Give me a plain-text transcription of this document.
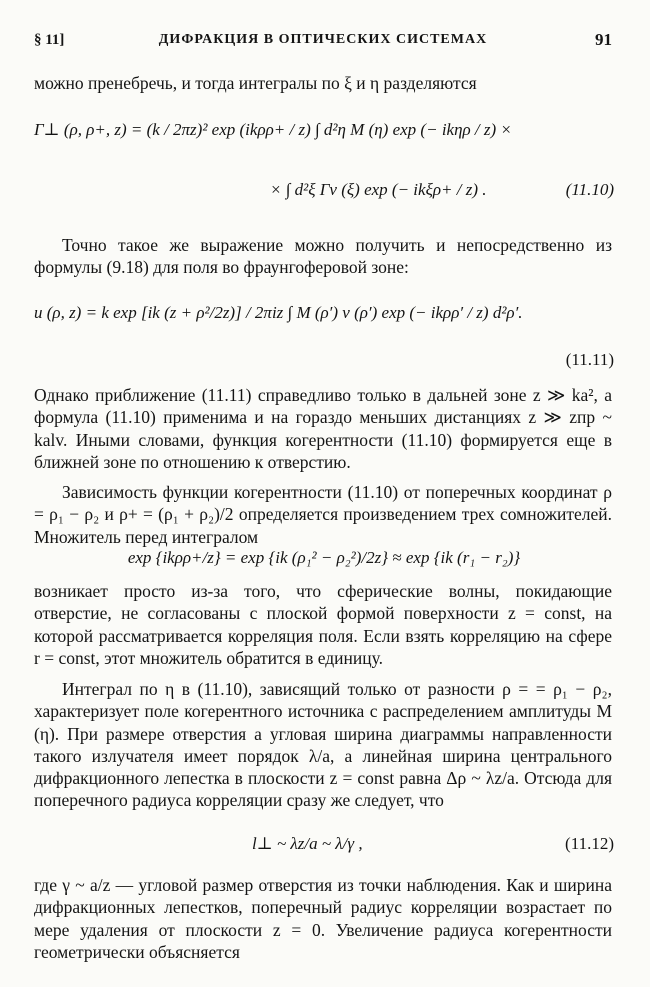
§ 11]	ДИФРАКЦИЯ В ОПТИЧЕСКИХ СИСТЕМАХ	91
можно пренебречь, и тогда интегралы по ξ и η разделяются
Γ⊥ (ρ, ρ+, z) = (k / 2πz)² exp (ikρρ+ / z) ∫ d²η M (η) exp (− ikηρ / z) ×
× ∫ d²ξ Γv (ξ) exp (− ikξρ+ / z) .	(11.10)
Точно такое же выражение можно получить и непосредственно из формулы (9.18) для поля во фраунгоферовой зоне:
u (ρ, z) = k exp [ik (z + ρ²/2z)] / 2πiz ∫ M (ρ′) v (ρ′) exp (− ikρρ′ / z) d²ρ′.
(11.11)
Однако приближение (11.11) справедливо только в дальней зоне z ≫ ka², а формула (11.10) применима и на гораздо меньших дистанциях z ≫ zпр ~ kalv. Иными словами, функция когерентности (11.10) формируется еще в ближней зоне по отношению к отверстию.
Зависимость функции когерентности (11.10) от поперечных координат ρ = ρ₁ − ρ₂ и ρ+ = (ρ₁ + ρ₂)/2 определяется произведением трех сомножителей. Множитель перед интегралом
exp {ikρρ+/z} = exp {ik (ρ₁² − ρ₂²)/2z} ≈ exp {ik (r₁ − r₂)}
возникает просто из-за того, что сферические волны, покидающие отверстие, не согласованы с плоской формой поверхности z = const, на которой рассматривается корреляция поля. Если взять корреляцию на сфере r = const, этот множитель обратится в единицу.
Интеграл по η в (11.10), зависящий только от разности ρ = = ρ₁ − ρ₂, характеризует поле когерентного источника с распределением амплитуды M (η). При размере отверстия a угловая ширина диаграммы направленности такого излучателя имеет порядок λ/a, а линейная ширина центрального дифракционного лепестка в плоскости z = const равна Δρ ~ λz/a. Отсюда для поперечного радиуса корреляции сразу же следует, что
l⊥ ~ λz/a ~ λ/γ ,	(11.12)
где γ ~ a/z — угловой размер отверстия из точки наблюдения. Как и ширина дифракционных лепестков, поперечный радиус корреляции возрастает по мере удаления от плоскости z = 0. Увеличение радиуса когерентности геометрически объясняется
